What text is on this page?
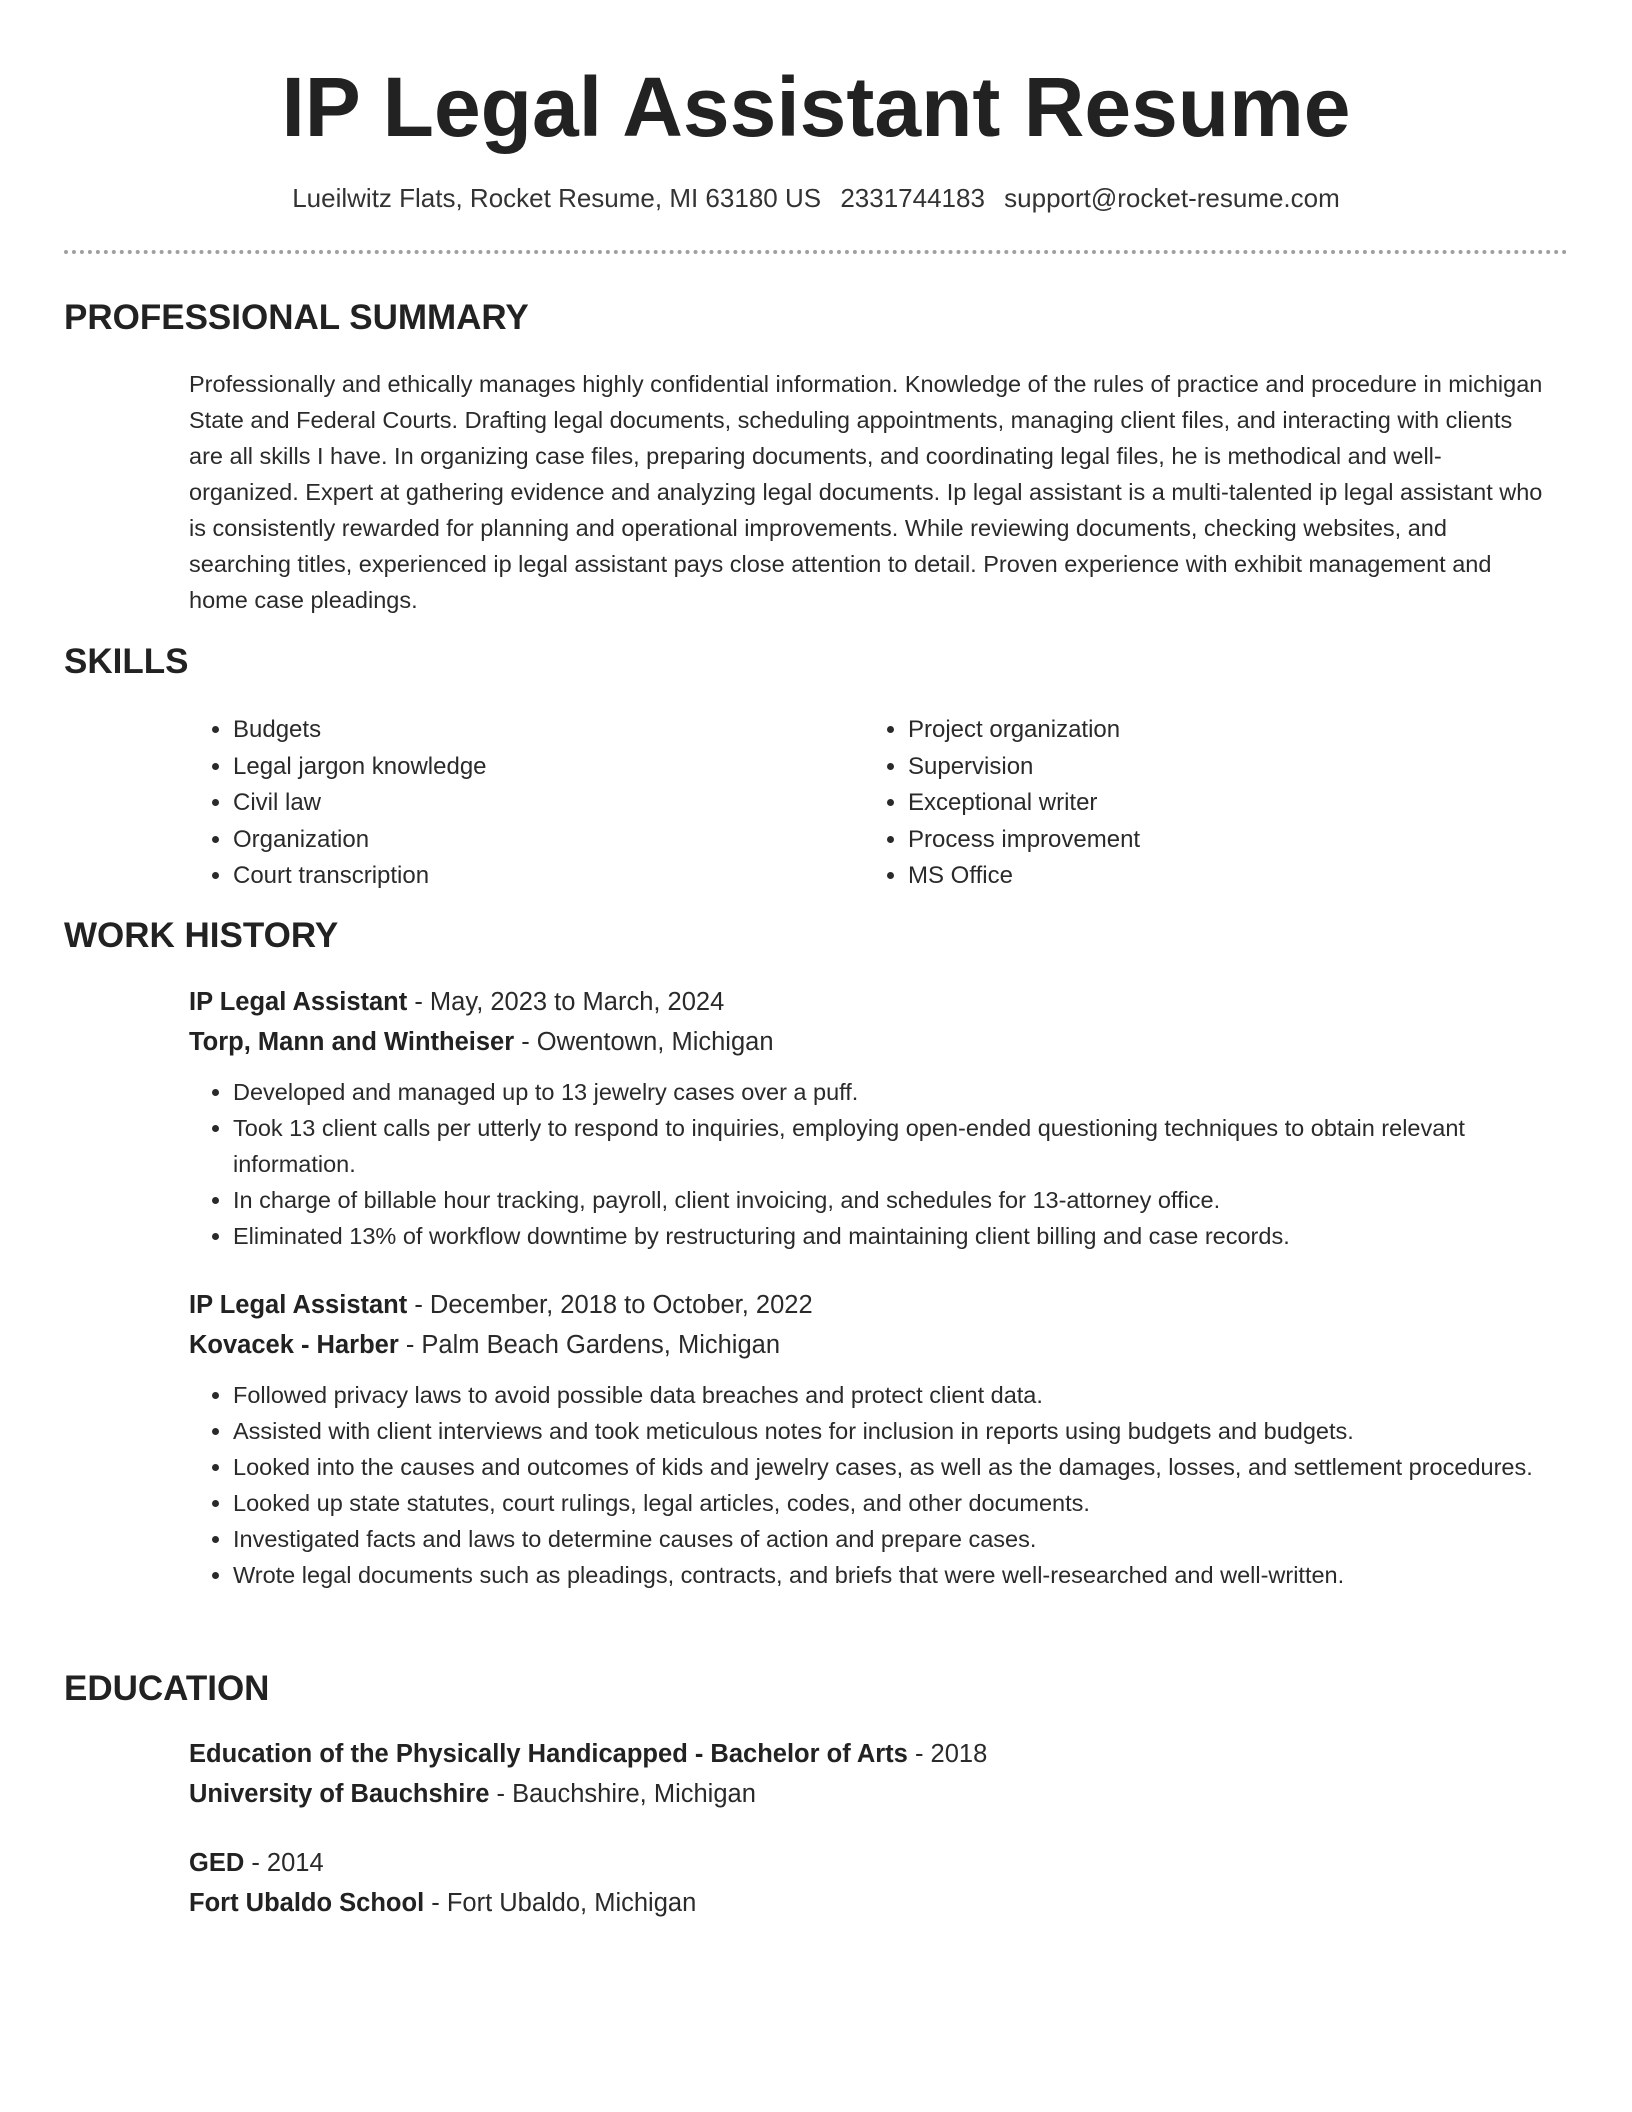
IP Legal Assistant Resume
Lueilwitz Flats, Rocket Resume, MI 63180 US 2331744183 support@rocket-resume.com
PROFESSIONAL SUMMARY

Professionally and ethically manages highly confidential information. Knowledge of the rules of practice and procedure in michigan State and Federal Courts. Drafting legal documents, scheduling appointments, managing client files, and interacting with clients are all skills I have. In organizing case files, preparing documents, and coordinating legal files, he is methodical and well-organized. Expert at gathering evidence and analyzing legal documents. Ip legal assistant is a multi-talented ip legal assistant who is consistently rewarded for planning and operational improvements. While reviewing documents, checking websites, and searching titles, experienced ip legal assistant pays close attention to detail. Proven experience with exhibit management and home case pleadings.

SKILLS
• Budgets
• Legal jargon knowledge
• Civil law
• Organization
• Court transcription
• Project organization
• Supervision
• Exceptional writer
• Process improvement
• MS Office
WORK HISTORY
IP Legal Assistant - May, 2023 to March, 2024
Torp, Mann and Wintheiser - Owentown, Michigan
• Developed and managed up to 13 jewelry cases over a puff.
• Took 13 client calls per utterly to respond to inquiries, employing open-ended questioning techniques to obtain relevant information.
• In charge of billable hour tracking, payroll, client invoicing, and schedules for 13-attorney office.
• Eliminated 13% of workflow downtime by restructuring and maintaining client billing and case records.
IP Legal Assistant - December, 2018 to October, 2022
Kovacek - Harber - Palm Beach Gardens, Michigan
• Followed privacy laws to avoid possible data breaches and protect client data.
• Assisted with client interviews and took meticulous notes for inclusion in reports using budgets and budgets.
• Looked into the causes and outcomes of kids and jewelry cases, as well as the damages, losses, and settlement procedures.
• Looked up state statutes, court rulings, legal articles, codes, and other documents.
• Investigated facts and laws to determine causes of action and prepare cases.
• Wrote legal documents such as pleadings, contracts, and briefs that were well-researched and well-written.
EDUCATION
Education of the Physically Handicapped - Bachelor of Arts - 2018
University of Bauchshire - Bauchshire, Michigan
GED - 2014
Fort Ubaldo School - Fort Ubaldo, Michigan
